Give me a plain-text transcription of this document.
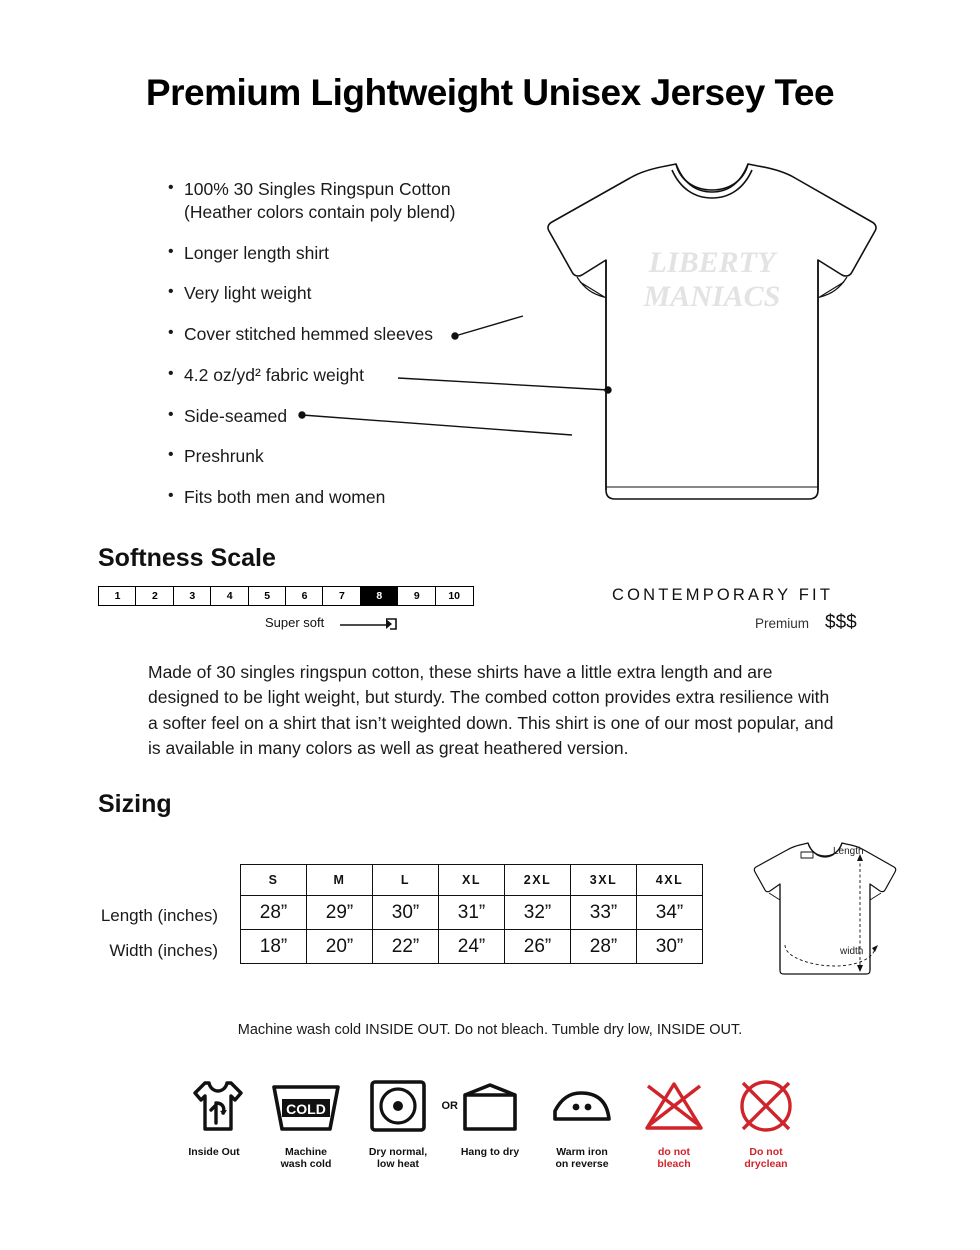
Premium Lightweight Unisex Jersey Tee
• 100% 30 Singles Ringspun Cotton
(Heather colors contain poly blend)
• Longer length shirt
• Very light weight
• Cover stitched hemmed sleeves
• 4.2 oz/yd² fabric weight
• Side-seamed
• Preshrunk
• Fits both men and women
LIBERTY
MANIACS
Softness Scale
1	2	3	4	5	6	7	8	9	10
Super soft
CONTEMPORARY FIT
Premium $$$
Made of 30 singles ringspun cotton, these shirts have a little extra length and are designed to be light weight, but sturdy. The combed cotton provides extra resilience with a softer feel on a shirt that isn’t weighted down. This shirt is one of our most popular, and is available in many colors as well as great heathered version.
Sizing
Length (inches)
Width (inches)
S	M	L	XL	2XL	3XL	4XL
28”	29”	30”	31”	32”	33”	34”
18”	20”	22”	24”	26”	28”	30”
Length
width
Machine wash cold INSIDE OUT. Do not bleach. Tumble dry low, INSIDE OUT.
Inside Out
COLD
Machine
wash cold
OR
Dry normal,
low heat
Hang to dry	Warm iron
on reverse
do not
bleach
Do not
dryclean
